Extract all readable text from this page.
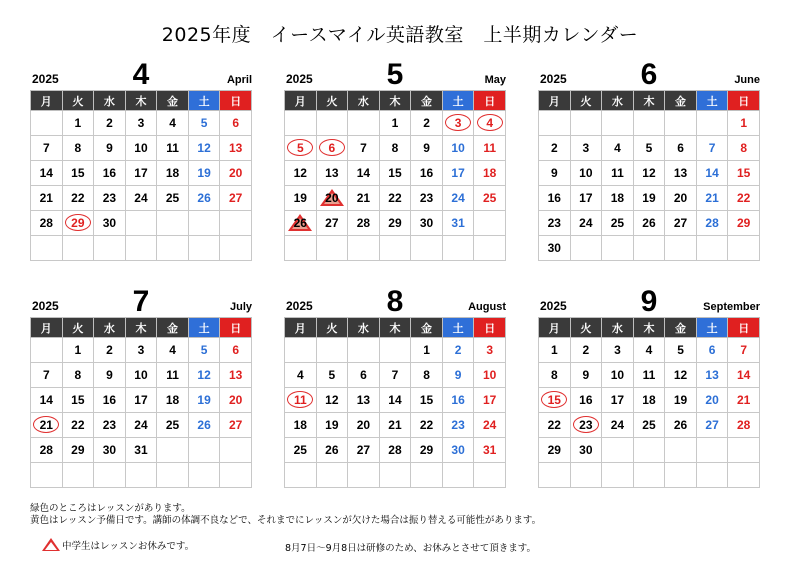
2025年度　イースマイル英語教室　上半期カレンダー
2025	4	April
月	火	水	木	金	土	日
	1	2	3	4	5	6
7	8	9	10	11	12	13
14	15	16	17	18	19	20
21	22	23	24	25	26	27
28	29	30				

2025	5	May
月	火	水	木	金	土	日
			1	2	3	4
5	6	7	8	9	10	11
12	13	14	15	16	17	18
19	20	21	22	23	24	25
26	27	28	29	30	31	

2025	6	June
月	火	水	木	金	土	日
						1
2	3	4	5	6	7	8
9	10	11	12	13	14	15
16	17	18	19	20	21	22
23	24	25	26	27	28	29
30						
2025	7	July
月	火	水	木	金	土	日
	1	2	3	4	5	6
7	8	9	10	11	12	13
14	15	16	17	18	19	20
21	22	23	24	25	26	27
28	29	30	31			

2025	8	August
月	火	水	木	金	土	日
				1	2	3
4	5	6	7	8	9	10
11	12	13	14	15	16	17
18	19	20	21	22	23	24
25	26	27	28	29	30	31

2025	9	September
月	火	水	木	金	土	日
1	2	3	4	5	6	7
8	9	10	11	12	13	14
15	16	17	18	19	20	21
22	23	24	25	26	27	28
29	30					

緑色のところはレッスンがあります。
黄色はレッスン予備日です。講師の体調不良などで、それまでにレッスンが欠けた場合は振り替える可能性があります。
中学生はレッスンお休みです。	8月7日～9月8日は研修のため、お休みとさせて頂きます。
